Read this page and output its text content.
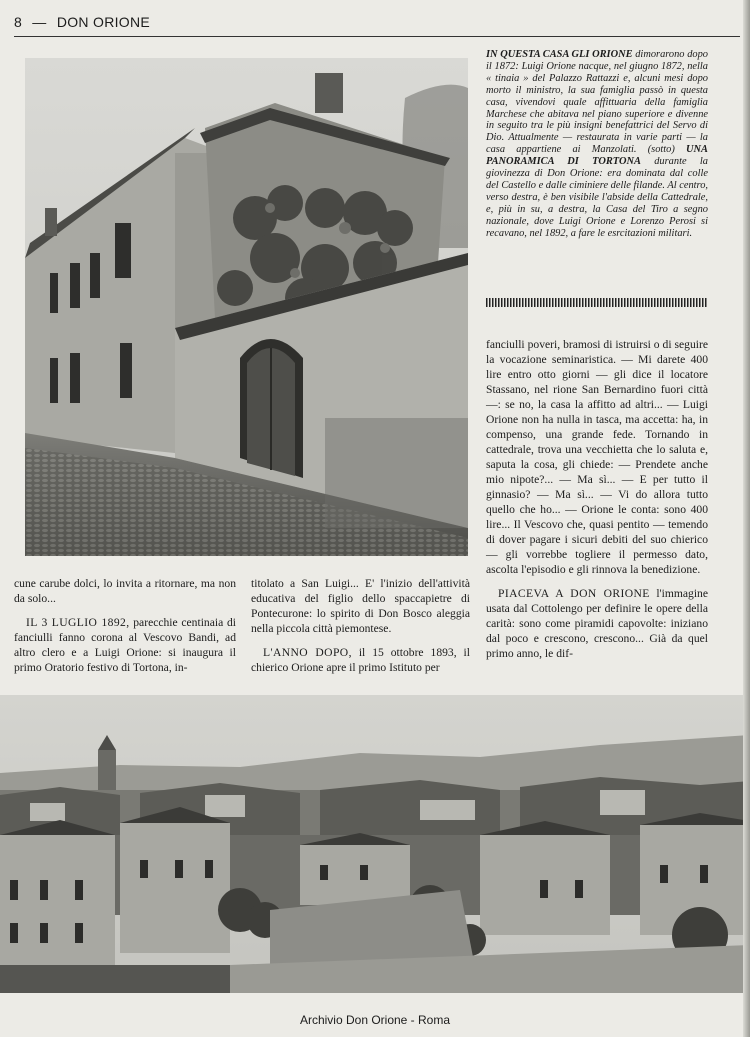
8 — DON ORIONE
IN QUESTA CASA GLI ORIONE dimorarono dopo il 1872: Luigi Orione nacque, nel giugno 1872, nella « tinaia » del Palazzo Rattazzi e, alcuni mesi dopo morto il ministro, la sua famiglia passò in questa casa, vivendovi quale affittuaria della famiglia Marchese che abitava nel piano superiore e divenne in seguito tra le più insigni benefattrici del Servo di Dio. Attualmente — restaurata in varie parti — la casa appartiene ai Manzolati. (sotto) UNA PANORAMICA DI TORTONA durante la giovinezza di Don Orione: era dominata dal colle del Castello e dalle ciminiere delle filande. Al centro, verso destra, è ben visibile l'abside della Cattedrale, e, più in su, a destra, la Casa del Tiro a segno nazionale, dove Luigi Orione e Lorenzo Perosi si recavano, nel 1892, a fare le esrcitazioni militari.

cune carube dolci, lo invita a ritornare, ma non da solo...

IL 3 LUGLIO 1892, parecchie centinaia di fanciulli fanno corona al Vescovo Bandi, ad altro clero e a Luigi Orione: si inaugura il primo Oratorio festivo di Tortona, in-

titolato a San Luigi... E' l'inizio dell'attività educativa del figlio dello spaccapietre di Pontecurone: lo spirito di Don Bosco aleggia nella piccola città piemontese.

L'ANNO DOPO, il 15 ottobre 1893, il chierico Orione apre il primo Istituto per

fanciulli poveri, bramosi di istruirsi o di seguire la vocazione seminaristica. — Mi darete 400 lire entro otto giorni — gli dice il locatore Stassano, nel rione San Bernardino fuori città —: se no, la casa la affitto ad altri... — Luigi Orione non ha nulla in tasca, ma accetta: ha, in compenso, una grande fede. Tornando in cattedrale, trova una vecchietta che lo saluta e, saputa la cosa, gli chiede: — Prendete anche mio nipote?... — Ma sì... — E per tutto il ginnasio? — Ma sì... — Vi do allora tutto quello che ho... — Orione le conta: sono 400 lire... Il Vescovo che, quasi pentito — temendo di dover pagare i sicuri debiti del suo chierico — gli vorrebbe togliere il permesso dato, ascolta l'episodio e gli rinnova la benedizione.

PIACEVA A DON ORIONE l'immagine usata dal Cottolengo per definire le opere della carità: sono come piramidi capovolte: iniziano dal poco e crescono, crescono... Già da quel primo anno, le dif-

Archivio Don Orione - Roma
